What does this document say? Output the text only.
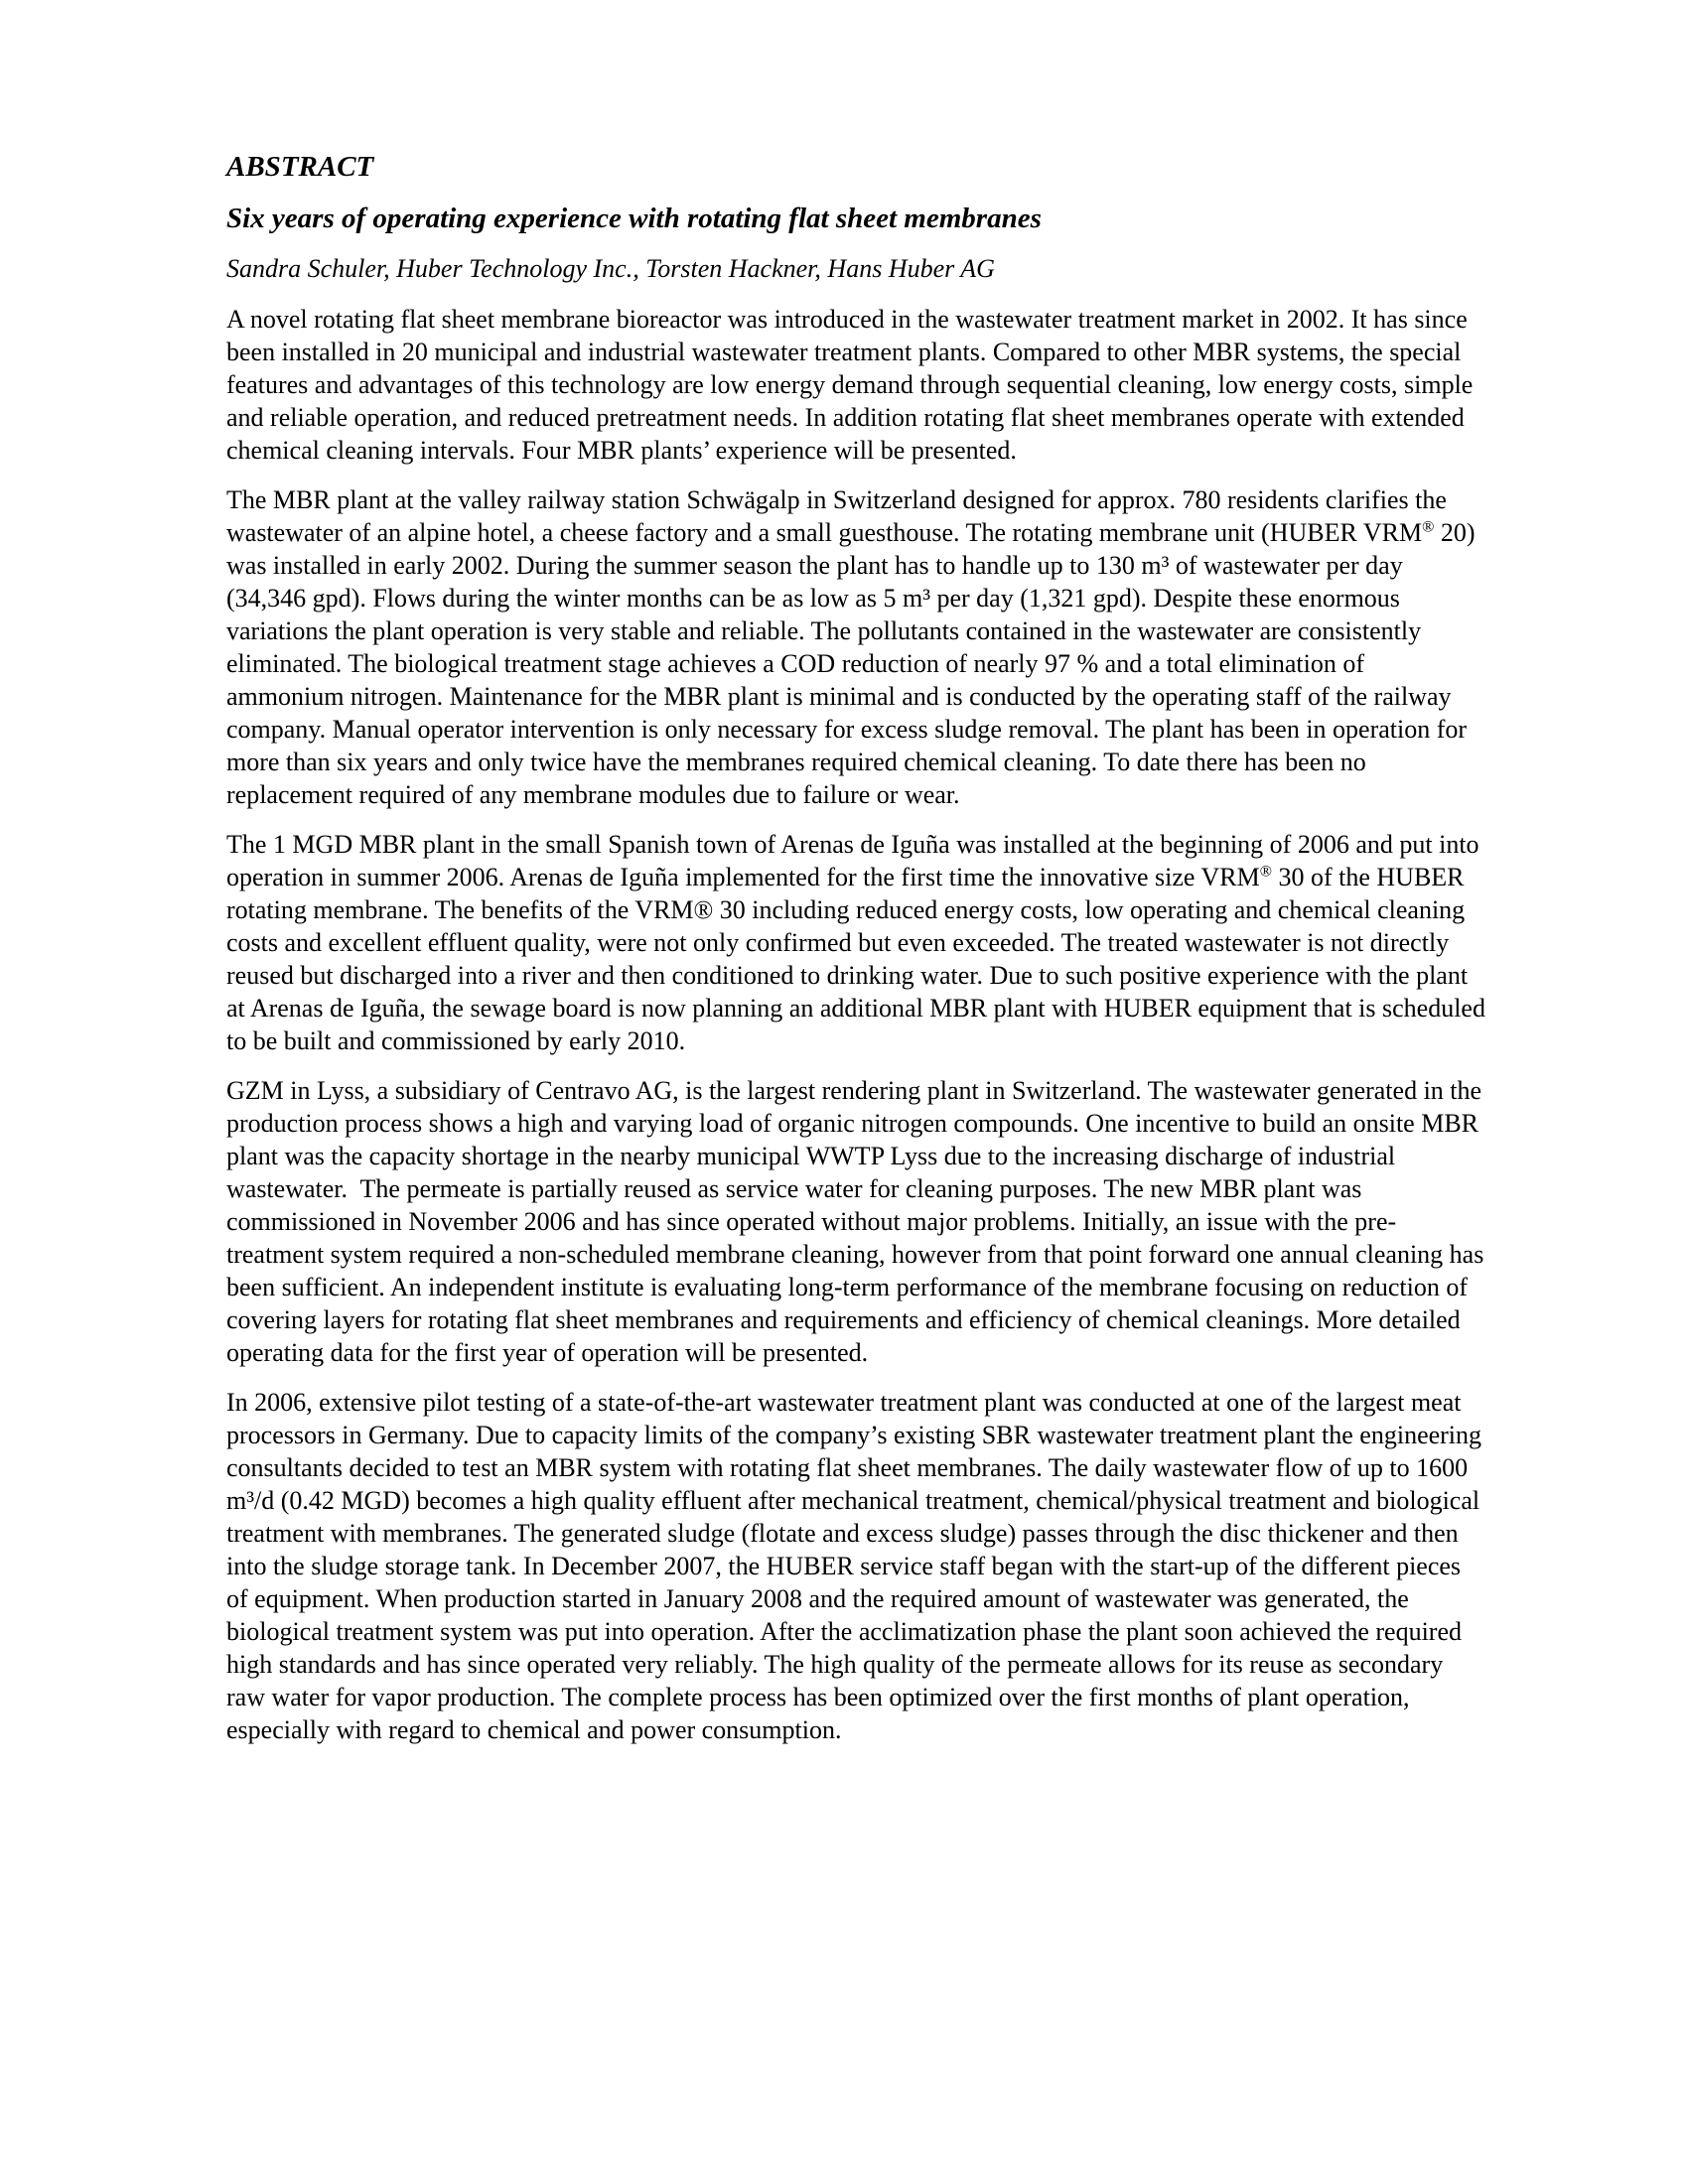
ABSTRACT
Six years of operating experience with rotating flat sheet membranes
Sandra Schuler, Huber Technology Inc., Torsten Hackner, Hans Huber AG

A novel rotating flat sheet membrane bioreactor was introduced in the wastewater treatment market in 2002. It has since been installed in 20 municipal and industrial wastewater treatment plants. Compared to other MBR systems, the special features and advantages of this technology are low energy demand through sequential cleaning, low energy costs, simple and reliable operation, and reduced pretreatment needs. In addition rotating flat sheet membranes operate with extended chemical cleaning intervals. Four MBR plants’ experience will be presented.

The MBR plant at the valley railway station Schwägalp in Switzerland designed for approx. 780 residents clarifies the wastewater of an alpine hotel, a cheese factory and a small guesthouse. The rotating membrane unit (HUBER VRM® 20) was installed in early 2002. During the summer season the plant has to handle up to 130 m³ of wastewater per day (34,346 gpd). Flows during the winter months can be as low as 5 m³ per day (1,321 gpd). Despite these enormous variations the plant operation is very stable and reliable. The pollutants contained in the wastewater are consistently eliminated. The biological treatment stage achieves a COD reduction of nearly 97 % and a total elimination of ammonium nitrogen. Maintenance for the MBR plant is minimal and is conducted by the operating staff of the railway company. Manual operator intervention is only necessary for excess sludge removal. The plant has been in operation for more than six years and only twice have the membranes required chemical cleaning. To date there has been no replacement required of any membrane modules due to failure or wear.

The 1 MGD MBR plant in the small Spanish town of Arenas de Iguña was installed at the beginning of 2006 and put into operation in summer 2006. Arenas de Iguña implemented for the first time the innovative size VRM® 30 of the HUBER rotating membrane. The benefits of the VRM® 30 including reduced energy costs, low operating and chemical cleaning costs and excellent effluent quality, were not only confirmed but even exceeded. The treated wastewater is not directly reused but discharged into a river and then conditioned to drinking water. Due to such positive experience with the plant at Arenas de Iguña, the sewage board is now planning an additional MBR plant with HUBER equipment that is scheduled to be built and commissioned by early 2010.

GZM in Lyss, a subsidiary of Centravo AG, is the largest rendering plant in Switzerland. The wastewater generated in the production process shows a high and varying load of organic nitrogen compounds. One incentive to build an onsite MBR plant was the capacity shortage in the nearby municipal WWTP Lyss due to the increasing discharge of industrial wastewater.  The permeate is partially reused as service water for cleaning purposes. The new MBR plant was commissioned in November 2006 and has since operated without major problems. Initially, an issue with the pre-treatment system required a non-scheduled membrane cleaning, however from that point forward one annual cleaning has been sufficient. An independent institute is evaluating long-term performance of the membrane focusing on reduction of covering layers for rotating flat sheet membranes and requirements and efficiency of chemical cleanings. More detailed operating data for the first year of operation will be presented.

In 2006, extensive pilot testing of a state-of-the-art wastewater treatment plant was conducted at one of the largest meat processors in Germany. Due to capacity limits of the company’s existing SBR wastewater treatment plant the engineering consultants decided to test an MBR system with rotating flat sheet membranes. The daily wastewater flow of up to 1600 m³/d (0.42 MGD) becomes a high quality effluent after mechanical treatment, chemical/physical treatment and biological treatment with membranes. The generated sludge (flotate and excess sludge) passes through the disc thickener and then into the sludge storage tank. In December 2007, the HUBER service staff began with the start-up of the different pieces of equipment. When production started in January 2008 and the required amount of wastewater was generated, the biological treatment system was put into operation. After the acclimatization phase the plant soon achieved the required high standards and has since operated very reliably. The high quality of the permeate allows for its reuse as secondary raw water for vapor production. The complete process has been optimized over the first months of plant operation, especially with regard to chemical and power consumption.
